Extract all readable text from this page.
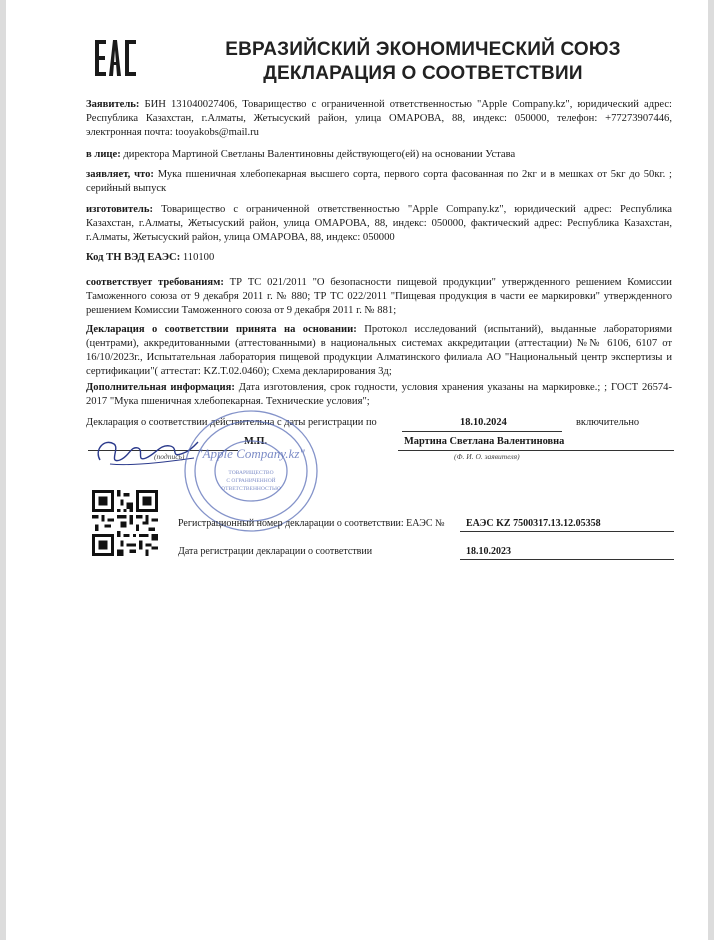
ЕВРАЗИЙСКИЙ ЭКОНОМИЧЕСКИЙ СОЮЗ
ДЕКЛАРАЦИЯ О СООТВЕТСТВИИ
Заявитель: БИН 131040027406, Товарищество с ограниченной ответственностью "Apple Company.kz", юридический адрес: Республика Казахстан, г.Алматы, Жетысуский район, улица ОМАРОВА, 88, индекс: 050000, телефон: +77273907446, электронная почта: tooyakobs@mail.ru
в лице: директора Мартиной Светланы Валентиновны действующего(ей) на основании Устава
заявляет, что: Мука пшеничная хлебопекарная высшего сорта, первого сорта фасованная по 2кг и в мешках от 5кг до 50кг. ; серийный выпуск
изготовитель: Товарищество с ограниченной ответственностью "Apple Company.kz", юридический адрес: Республика Казахстан, г.Алматы, Жетысуский район, улица ОМАРОВА, 88, индекс: 050000, фактический адрес: Республика Казахстан, г.Алматы, Жетысуский район, улица ОМАРОВА, 88, индекс: 050000
Код ТН ВЭД ЕАЭС: 110100
соответствует требованиям: ТР ТС 021/2011 "О безопасности пищевой продукции" утвержденного решением Комиссии Таможенного союза от 9 декабря 2011 г. № 880; ТР ТС 022/2011 "Пищевая продукция в части ее маркировки" утвержденного решением Комиссии Таможенного союза от 9 декабря 2011 г. № 881;
Декларация о соответствии принята на основании: Протокол исследований (испытаний), выданные лабораториями (центрами), аккредитованными (аттестованными) в национальных системах аккредитации (аттестации) №№ 6106, 6107 от 16/10/2023г., Испытательная лаборатория пищевой продукции Алматинского филиала АО "Национальный центр экспертизы и сертификации"( аттестат: KZ.T.02.0460); Схема декларирования 3д;
Дополнительная информация: Дата изготовления, срок годности, условия хранения указаны на маркировке.; ; ГОСТ 26574-2017 "Мука пшеничная хлебопекарная. Технические условия";
Декларация о соответствии действительна с даты регистрации по	18.10.2024	включительно
М.П.
(подпись)
Мартина Светлана Валентиновна
(Ф. И. О. заявителя)
"Apple Company.kz"
ТОВАРИЩЕСТВО
С ОГРАНИЧЕННОЙ
ОТВЕТСТВЕННОСТЬЮ
Регистрационный номер декларации о соответствии: ЕАЭС № ЕАЭС KZ 7500317.13.12.05358
Дата регистрации декларации о соответствии	18.10.2023
